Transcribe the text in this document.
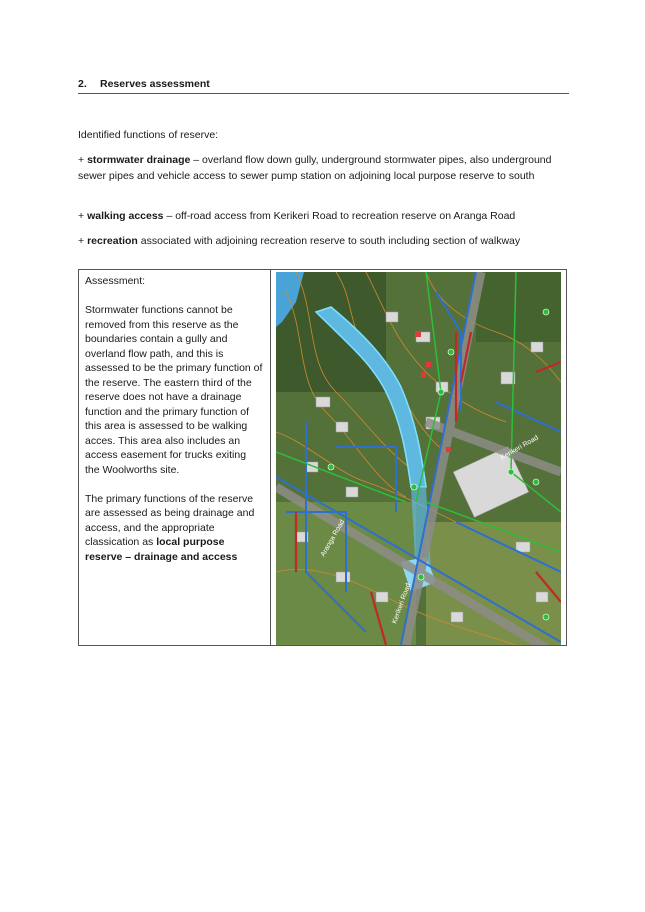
2. Reserves assessment
Identified functions of reserve:
+ stormwater drainage – overland flow down gully, underground stormwater pipes, also underground sewer pipes and vehicle access to sewer pump station on adjoining local purpose reserve to south
+ walking access – off-road access from Kerikeri Road to recreation reserve on Aranga Road
+ recreation associated with adjoining recreation reserve to south including section of walkway

Assessment:

Stormwater functions cannot be removed from this reserve as the boundaries contain a gully and overland flow path, and this is assessed to be the primary function of the reserve. The eastern third of the reserve does not have a drainage function and the primary function of this area is assessed to be walking acces. This area also includes an access easement for trucks exiting the Woolworths site.

The primary functions of the reserve are assessed as being drainage and access, and the appropriate classication as local purpose reserve – drainage and access

Kerikeri Road
Aranga Road
Kerikeri Road
